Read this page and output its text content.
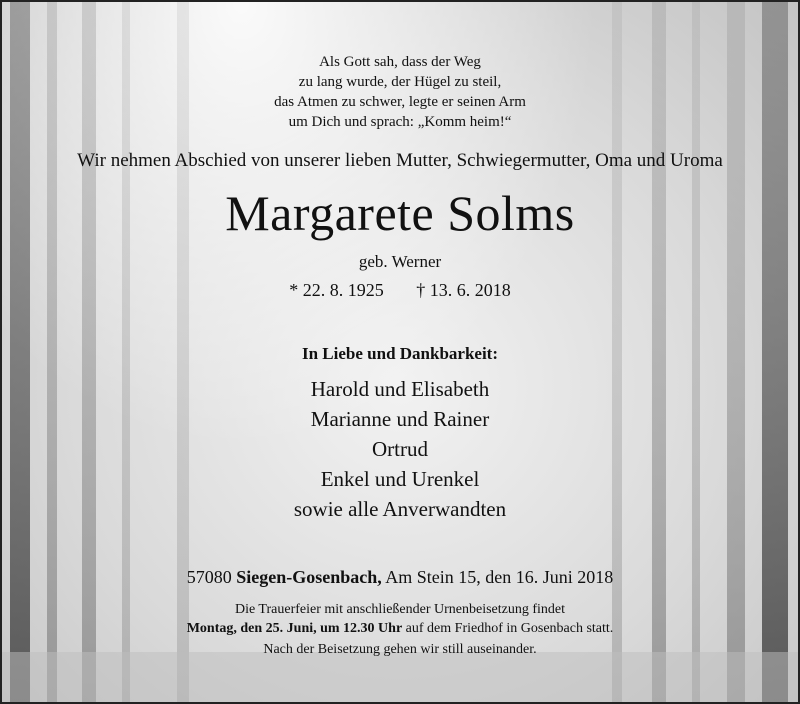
Als Gott sah, dass der Weg
zu lang wurde, der Hügel zu steil,
das Atmen zu schwer, legte er seinen Arm
um Dich und sprach: „Komm heim!“
Wir nehmen Abschied von unserer lieben Mutter, Schwiegermutter, Oma und Uroma
Margarete Solms
geb. Werner
* 22. 8. 1925 † 13. 6. 2018
In Liebe und Dankbarkeit:
Harold und Elisabeth
Marianne und Rainer
Ortrud
Enkel und Urenkel
sowie alle Anverwandten
57080 Siegen-Gosenbach, Am Stein 15, den 16. Juni 2018
Die Trauerfeier mit anschließender Urnenbeisetzung findet
Montag, den 25. Juni, um 12.30 Uhr auf dem Friedhof in Gosenbach statt.
Nach der Beisetzung gehen wir still auseinander.
